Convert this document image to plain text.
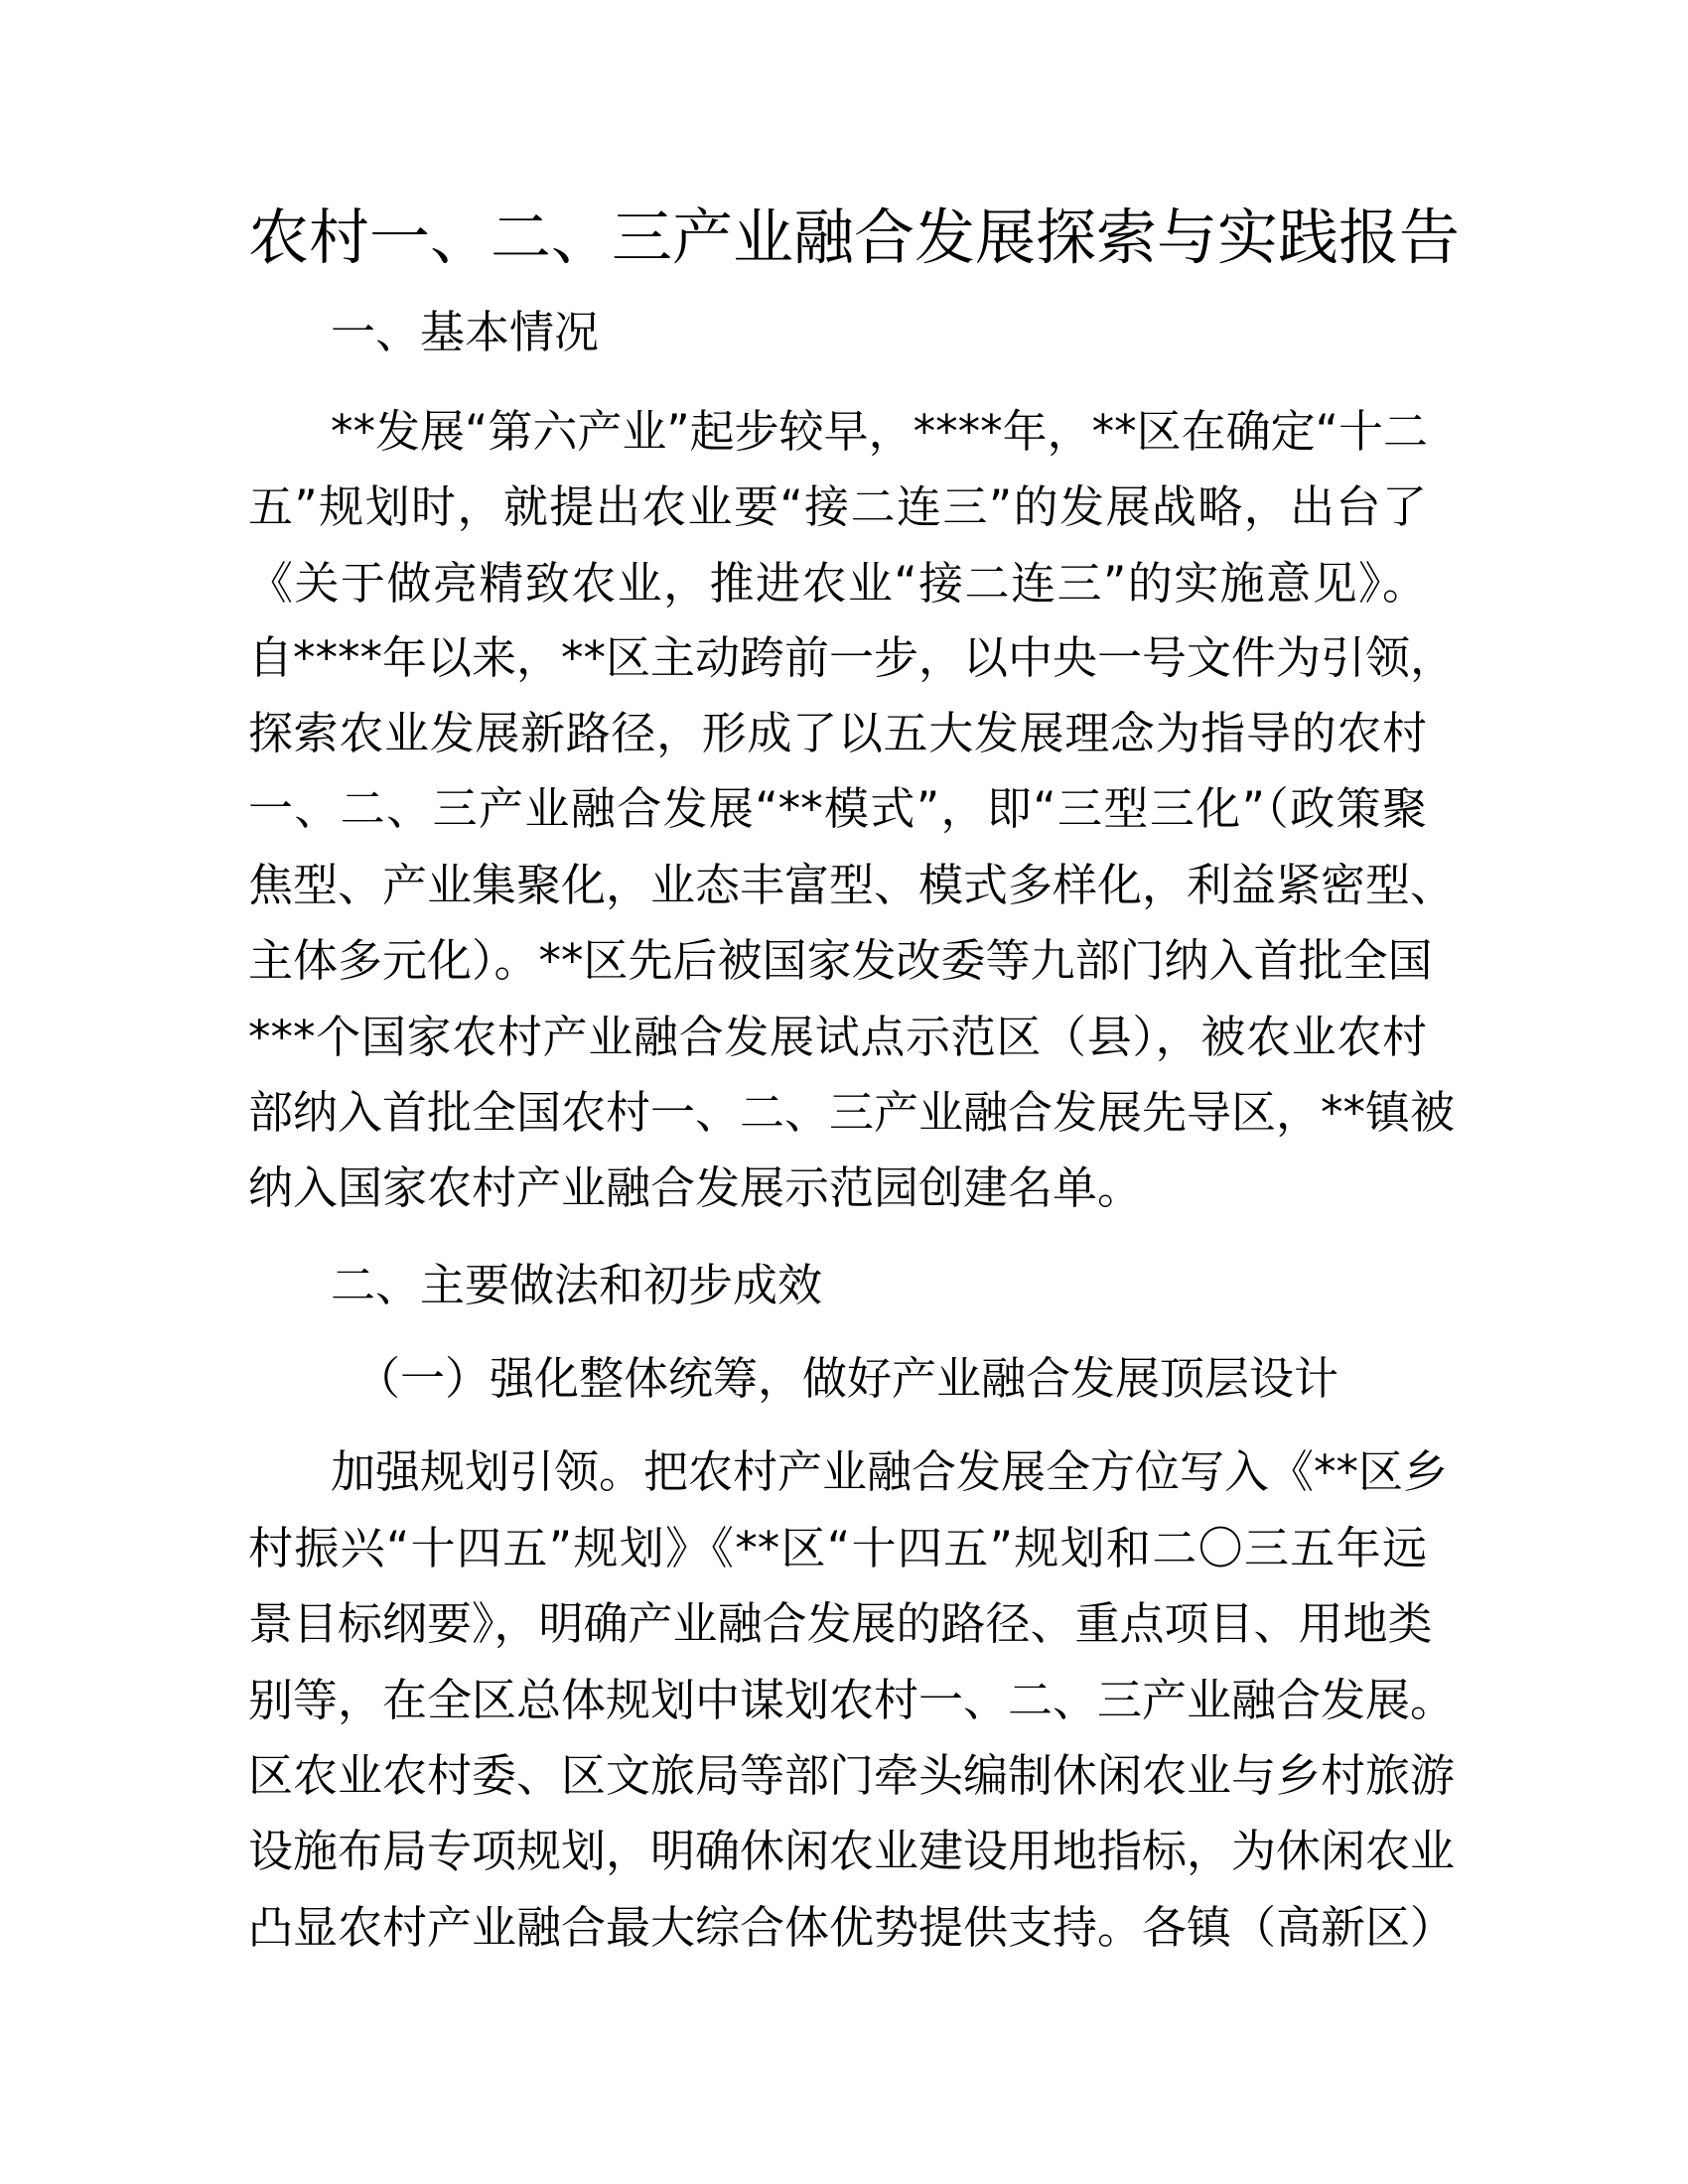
农村一、二、三产业融合发展探索与实践报告
一、基本情况
**发展“第六产业”起步较早，****年，**区在确定“十二
五”规划时，就提出农业要“接二连三”的发展战略，出台了
《关于做亮精致农业，推进农业“接二连三”的实施意见》。
自****年以来，**区主动跨前一步，以中央一号文件为引领，
探索农业发展新路径，形成了以五大发展理念为指导的农村
一、二、三产业融合发展“**模式”，即“三型三化”（政策聚
焦型、产业集聚化，业态丰富型、模式多样化，利益紧密型、
主体多元化）。**区先后被国家发改委等九部门纳入首批全国
***个国家农村产业融合发展试点示范区（县），被农业农村
部纳入首批全国农村一、二、三产业融合发展先导区，**镇被
纳入国家农村产业融合发展示范园创建名单。
二、主要做法和初步成效
（一）强化整体统筹，做好产业融合发展顶层设计
加强规划引领。把农村产业融合发展全方位写入《**区乡
村振兴“十四五”规划》《**区“十四五”规划和二〇三五年远
景目标纲要》，明确产业融合发展的路径、重点项目、用地类
别等，在全区总体规划中谋划农村一、二、三产业融合发展。
区农业农村委、区文旅局等部门牵头编制休闲农业与乡村旅游
设施布局专项规划，明确休闲农业建设用地指标，为休闲农业
凸显农村产业融合最大综合体优势提供支持。各镇（高新区）
